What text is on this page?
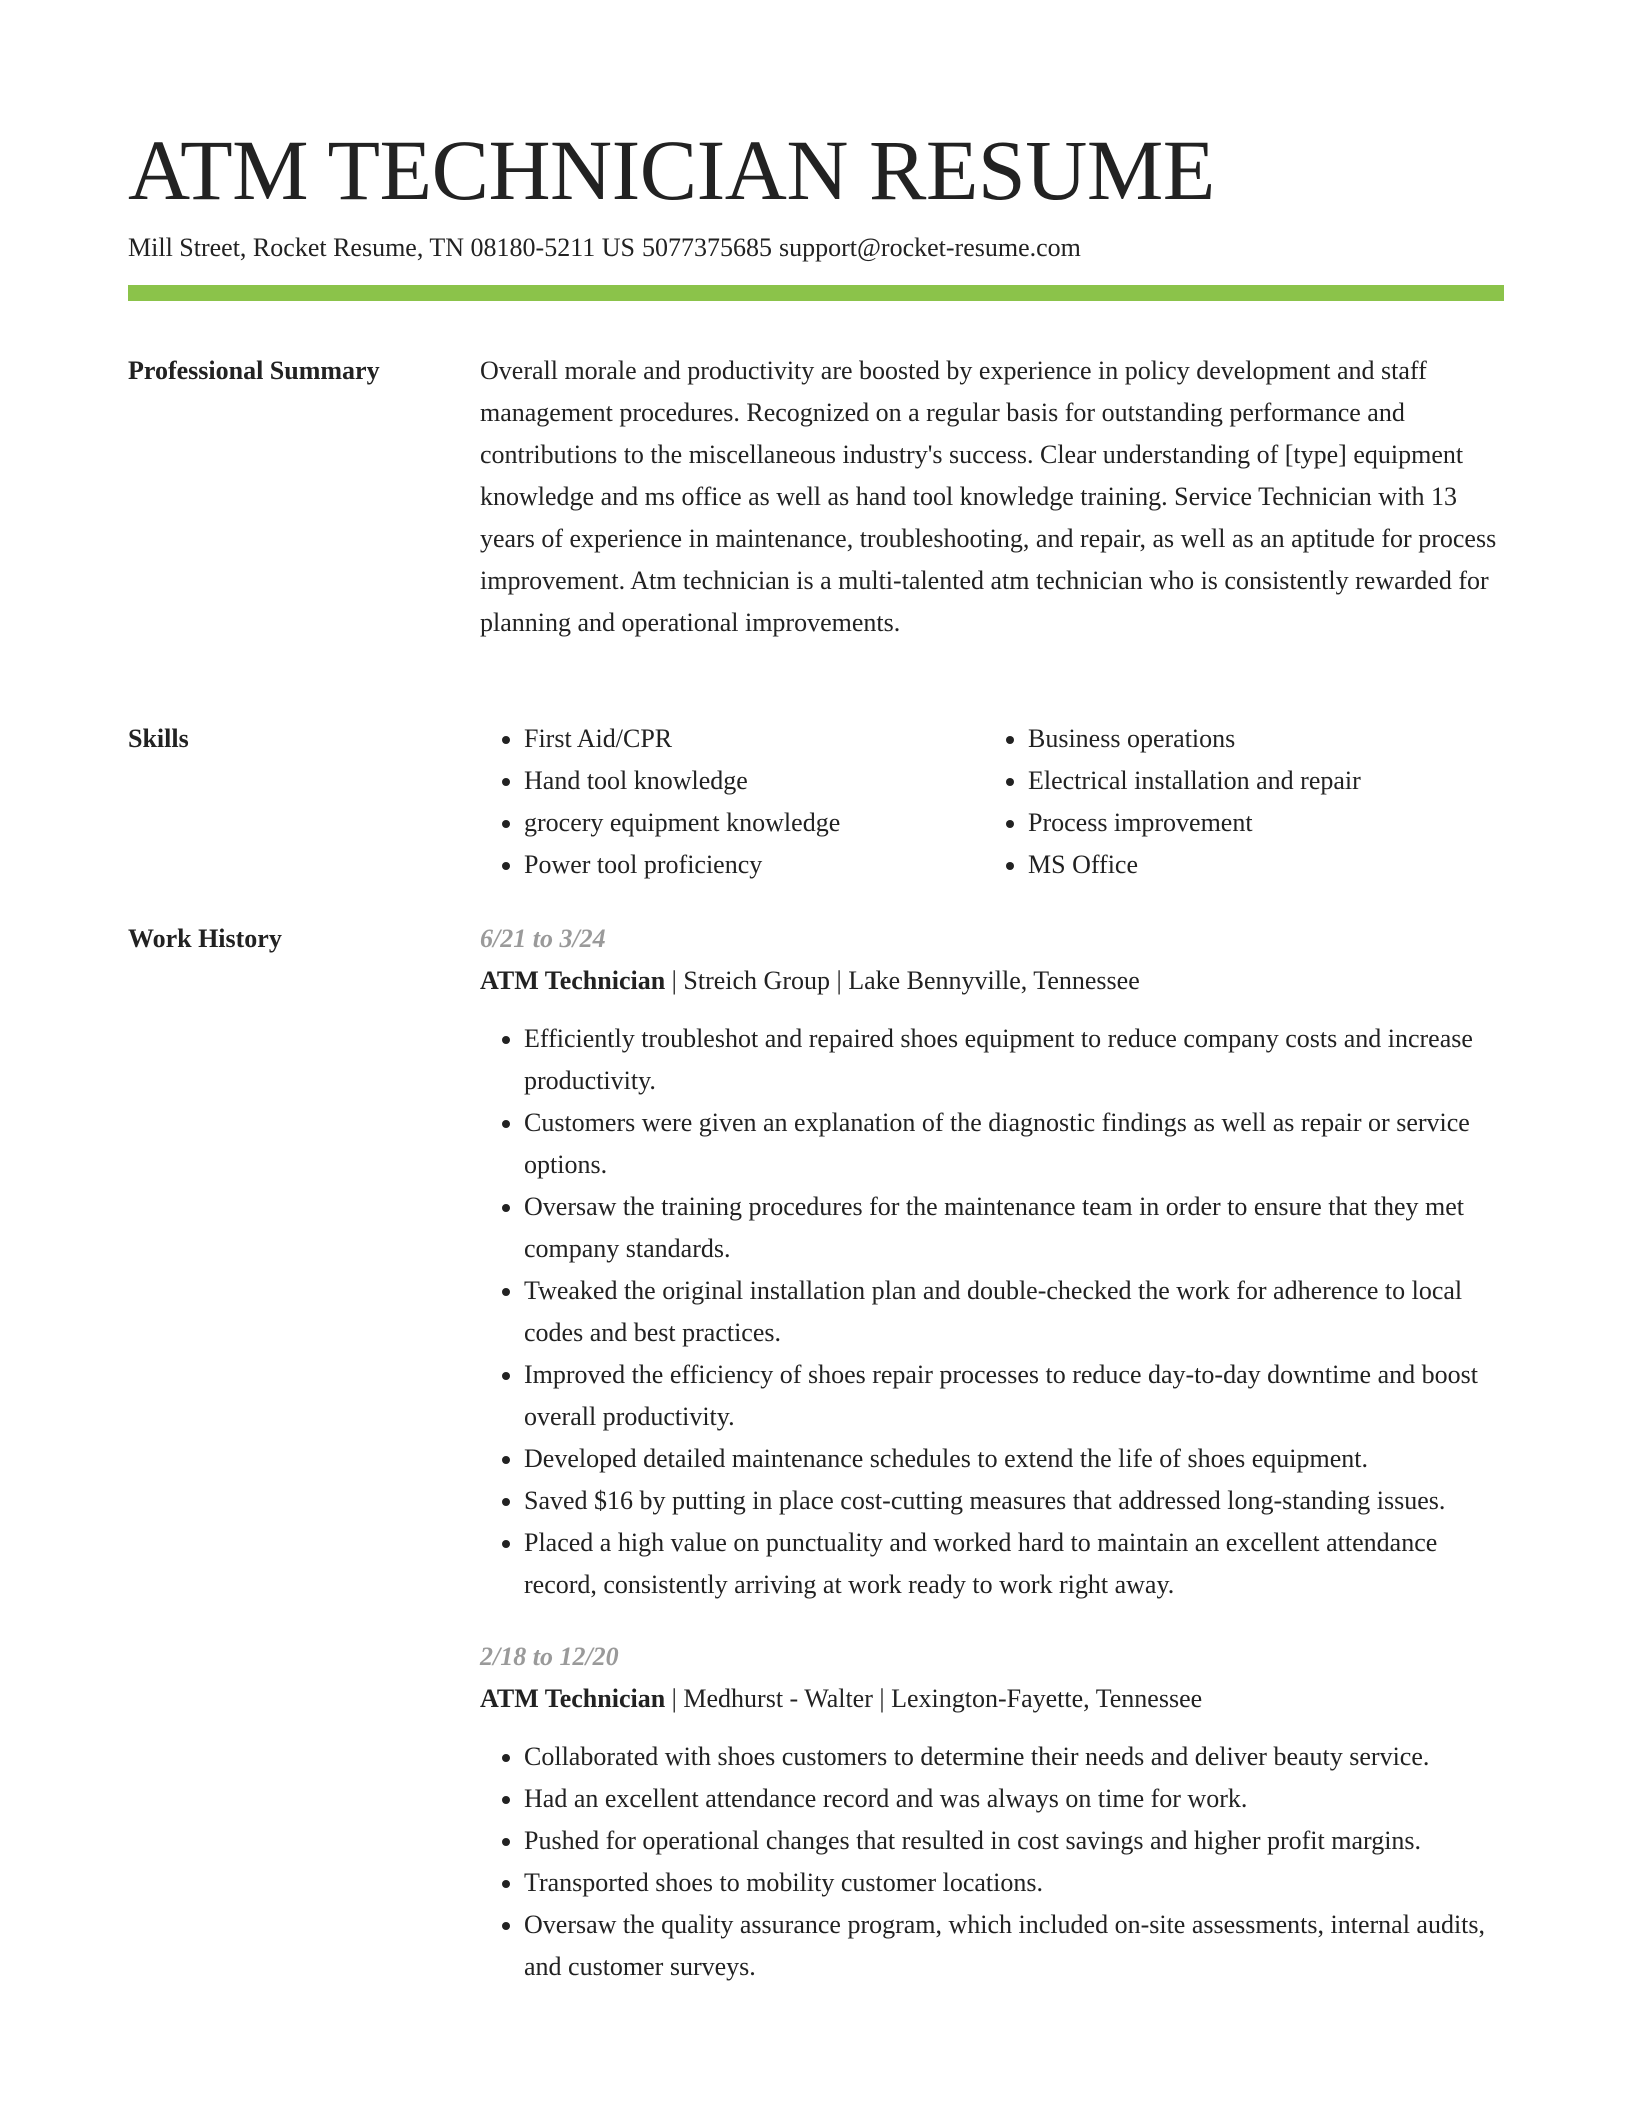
ATM TECHNICIAN RESUME
Mill Street, Rocket Resume, TN 08180-5211 US 5077375685 support@rocket-resume.com
Professional Summary	Overall morale and productivity are boosted by experience in policy development and staff management procedures. Recognized on a regular basis for outstanding performance and contributions to the miscellaneous industry's success. Clear understanding of [type] equipment knowledge and ms office as well as hand tool knowledge training. Service Technician with 13 years of experience in maintenance, troubleshooting, and repair, as well as an aptitude for process improvement. Atm technician is a multi-talented atm technician who is consistently rewarded for planning and operational improvements.

Skills
•	First Aid/CPR
• Hand tool knowledge
• grocery equipment knowledge
• Power tool proficiency
• Business operations
• Electrical installation and repair
• Process improvement
• MS Office
Work History	6/21 to 3/24
ATM Technician | Streich Group | Lake Bennyville, Tennessee
• Efficiently troubleshot and repaired shoes equipment to reduce company costs and increase productivity.
• Customers were given an explanation of the diagnostic findings as well as repair or service options.
• Oversaw the training procedures for the maintenance team in order to ensure that they met company standards.
• Tweaked the original installation plan and double-checked the work for adherence to local codes and best practices.
• Improved the efficiency of shoes repair processes to reduce day-to-day downtime and boost overall productivity.
• Developed detailed maintenance schedules to extend the life of shoes equipment.
• Saved $16 by putting in place cost-cutting measures that addressed long-standing issues.
• Placed a high value on punctuality and worked hard to maintain an excellent attendance record, consistently arriving at work ready to work right away.
2/18 to 12/20
ATM Technician | Medhurst - Walter | Lexington-Fayette, Tennessee
• Collaborated with shoes customers to determine their needs and deliver beauty service.
• Had an excellent attendance record and was always on time for work.
• Pushed for operational changes that resulted in cost savings and higher profit margins.
• Transported shoes to mobility customer locations.
• Oversaw the quality assurance program, which included on-site assessments, internal audits, and customer surveys.
